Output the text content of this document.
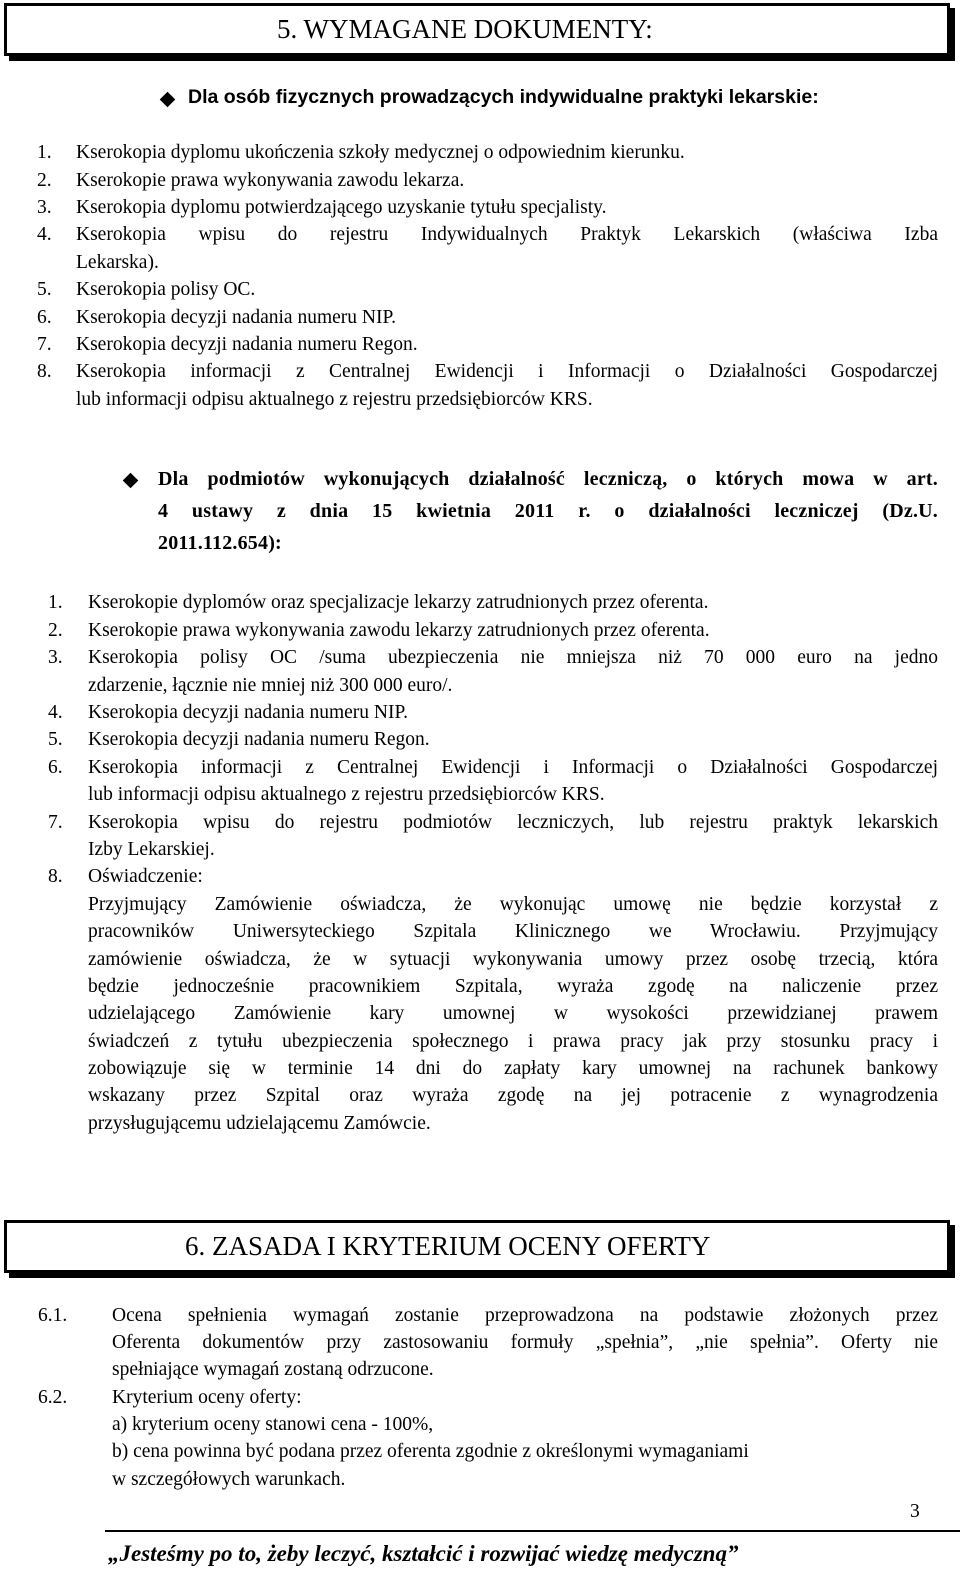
5. WYMAGANE DOKUMENTY:
Dla osób fizycznych prowadzących indywidualne praktyki lekarskie:
1. Kserokopia dyplomu ukończenia szkoły medycznej o odpowiednim kierunku.
2. Kserokopie prawa wykonywania zawodu lekarza.
3. Kserokopia dyplomu potwierdzającego uzyskanie tytułu specjalisty.
4. Kserokopia wpisu do rejestru Indywidualnych Praktyk Lekarskich (właściwa Izba
Lekarska).
5. Kserokopia polisy OC.
6. Kserokopia decyzji nadania numeru NIP.
7. Kserokopia decyzji nadania numeru Regon.
8. Kserokopia informacji z Centralnej Ewidencji i Informacji o Działalności Gospodarczej
lub informacji odpisu aktualnego z rejestru przedsiębiorców KRS.
Dla podmiotów wykonujących działalność leczniczą, o których mowa w art.
4 ustawy z dnia 15 kwietnia 2011 r. o działalności leczniczej (Dz.U.
2011.112.654):
1. Kserokopie dyplomów oraz specjalizacje lekarzy zatrudnionych przez oferenta.
2. Kserokopie prawa wykonywania zawodu lekarzy zatrudnionych przez oferenta.
3. Kserokopia polisy OC /suma ubezpieczenia nie mniejsza niż 70 000 euro na jedno
zdarzenie, łącznie nie mniej niż 300 000 euro/.
4. Kserokopia decyzji nadania numeru NIP.
5. Kserokopia decyzji nadania numeru Regon.
6. Kserokopia informacji z Centralnej Ewidencji i Informacji o Działalności Gospodarczej
lub informacji odpisu aktualnego z rejestru przedsiębiorców KRS.
7. Kserokopia wpisu do rejestru podmiotów leczniczych, lub rejestru praktyk lekarskich
Izby Lekarskiej.
8. Oświadczenie:
Przyjmujący Zamówienie oświadcza, że wykonując umowę nie będzie korzystał z
pracowników Uniwersyteckiego Szpitala Klinicznego we Wrocławiu. Przyjmujący
zamówienie oświadcza, że w sytuacji wykonywania umowy przez osobę trzecią, która
będzie jednocześnie pracownikiem Szpitala, wyraża zgodę na naliczenie przez
udzielającego Zamówienie kary umownej w wysokości przewidzianej prawem
świadczeń z tytułu ubezpieczenia społecznego i prawa pracy jak przy stosunku pracy i
zobowiązuje się w terminie 14 dni do zapłaty kary umownej na rachunek bankowy
wskazany przez Szpital oraz wyraża zgodę na jej potracenie z wynagrodzenia
przysługującemu udzielającemu Zamówcie.
6. ZASADA I KRYTERIUM OCENY OFERTY
6.1. Ocena spełnienia wymagań zostanie przeprowadzona na podstawie złożonych przez
Oferenta dokumentów przy zastosowaniu formuły „spełnia”, „nie spełnia”. Oferty nie
spełniające wymagań zostaną odrzucone.
6.2. Kryterium oceny oferty:
a) kryterium oceny stanowi cena - 100%,
b) cena powinna być podana przez oferenta zgodnie z określonymi wymaganiami
w szczegółowych warunkach.
3
„Jesteśmy po to, żeby leczyć, kształcić i rozwijać wiedzę medyczną”
